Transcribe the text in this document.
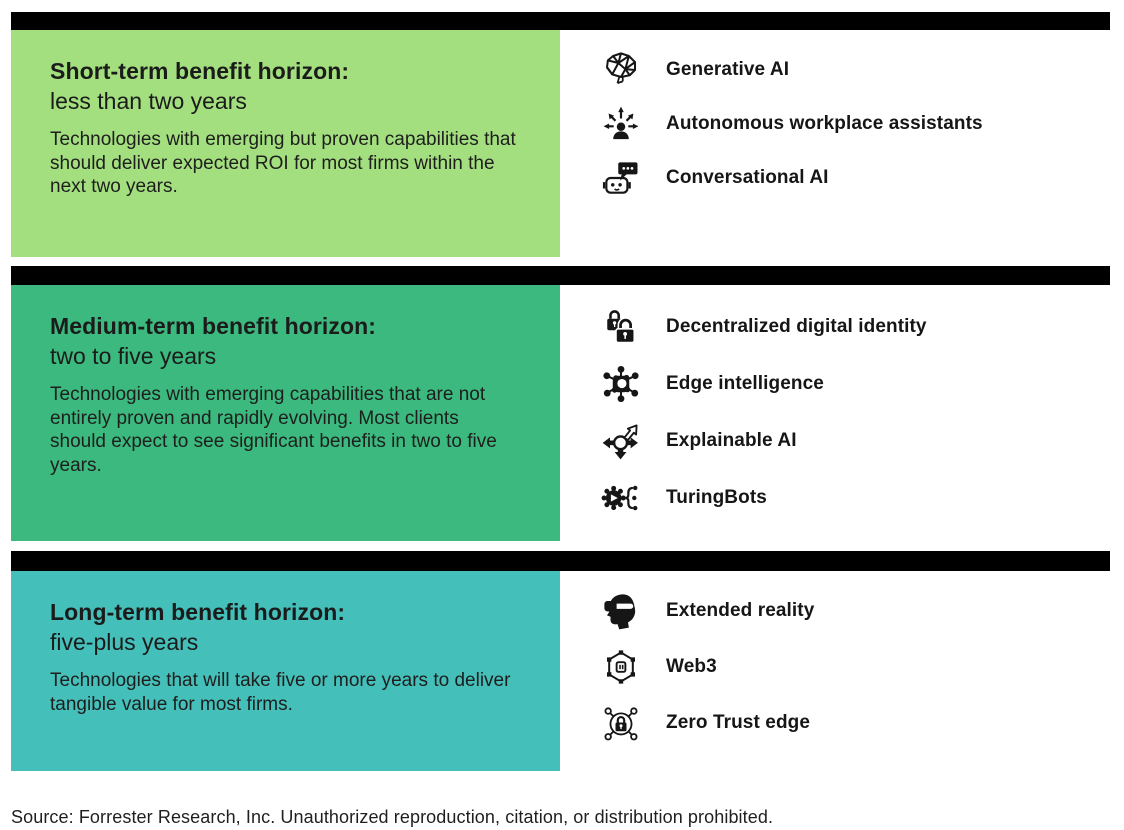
Short-term benefit horizon:
less than two years
Technologies with emerging but proven capabilities that should deliver expected ROI for most firms within the next two years.
Generative AI
Autonomous workplace assistants
Conversational AI
Medium-term benefit horizon:
two to five years
Technologies with emerging capabilities that are not entirely proven and rapidly evolving. Most clients should expect to see significant benefits in two to five years.
Decentralized digital identity
Edge intelligence
Explainable AI
TuringBots
Long-term benefit horizon:
five-plus years
Technologies that will take five or more years to deliver tangible value for most firms.
Extended reality
Web3
Zero Trust edge
Source: Forrester Research, Inc. Unauthorized reproduction, citation, or distribution prohibited.
